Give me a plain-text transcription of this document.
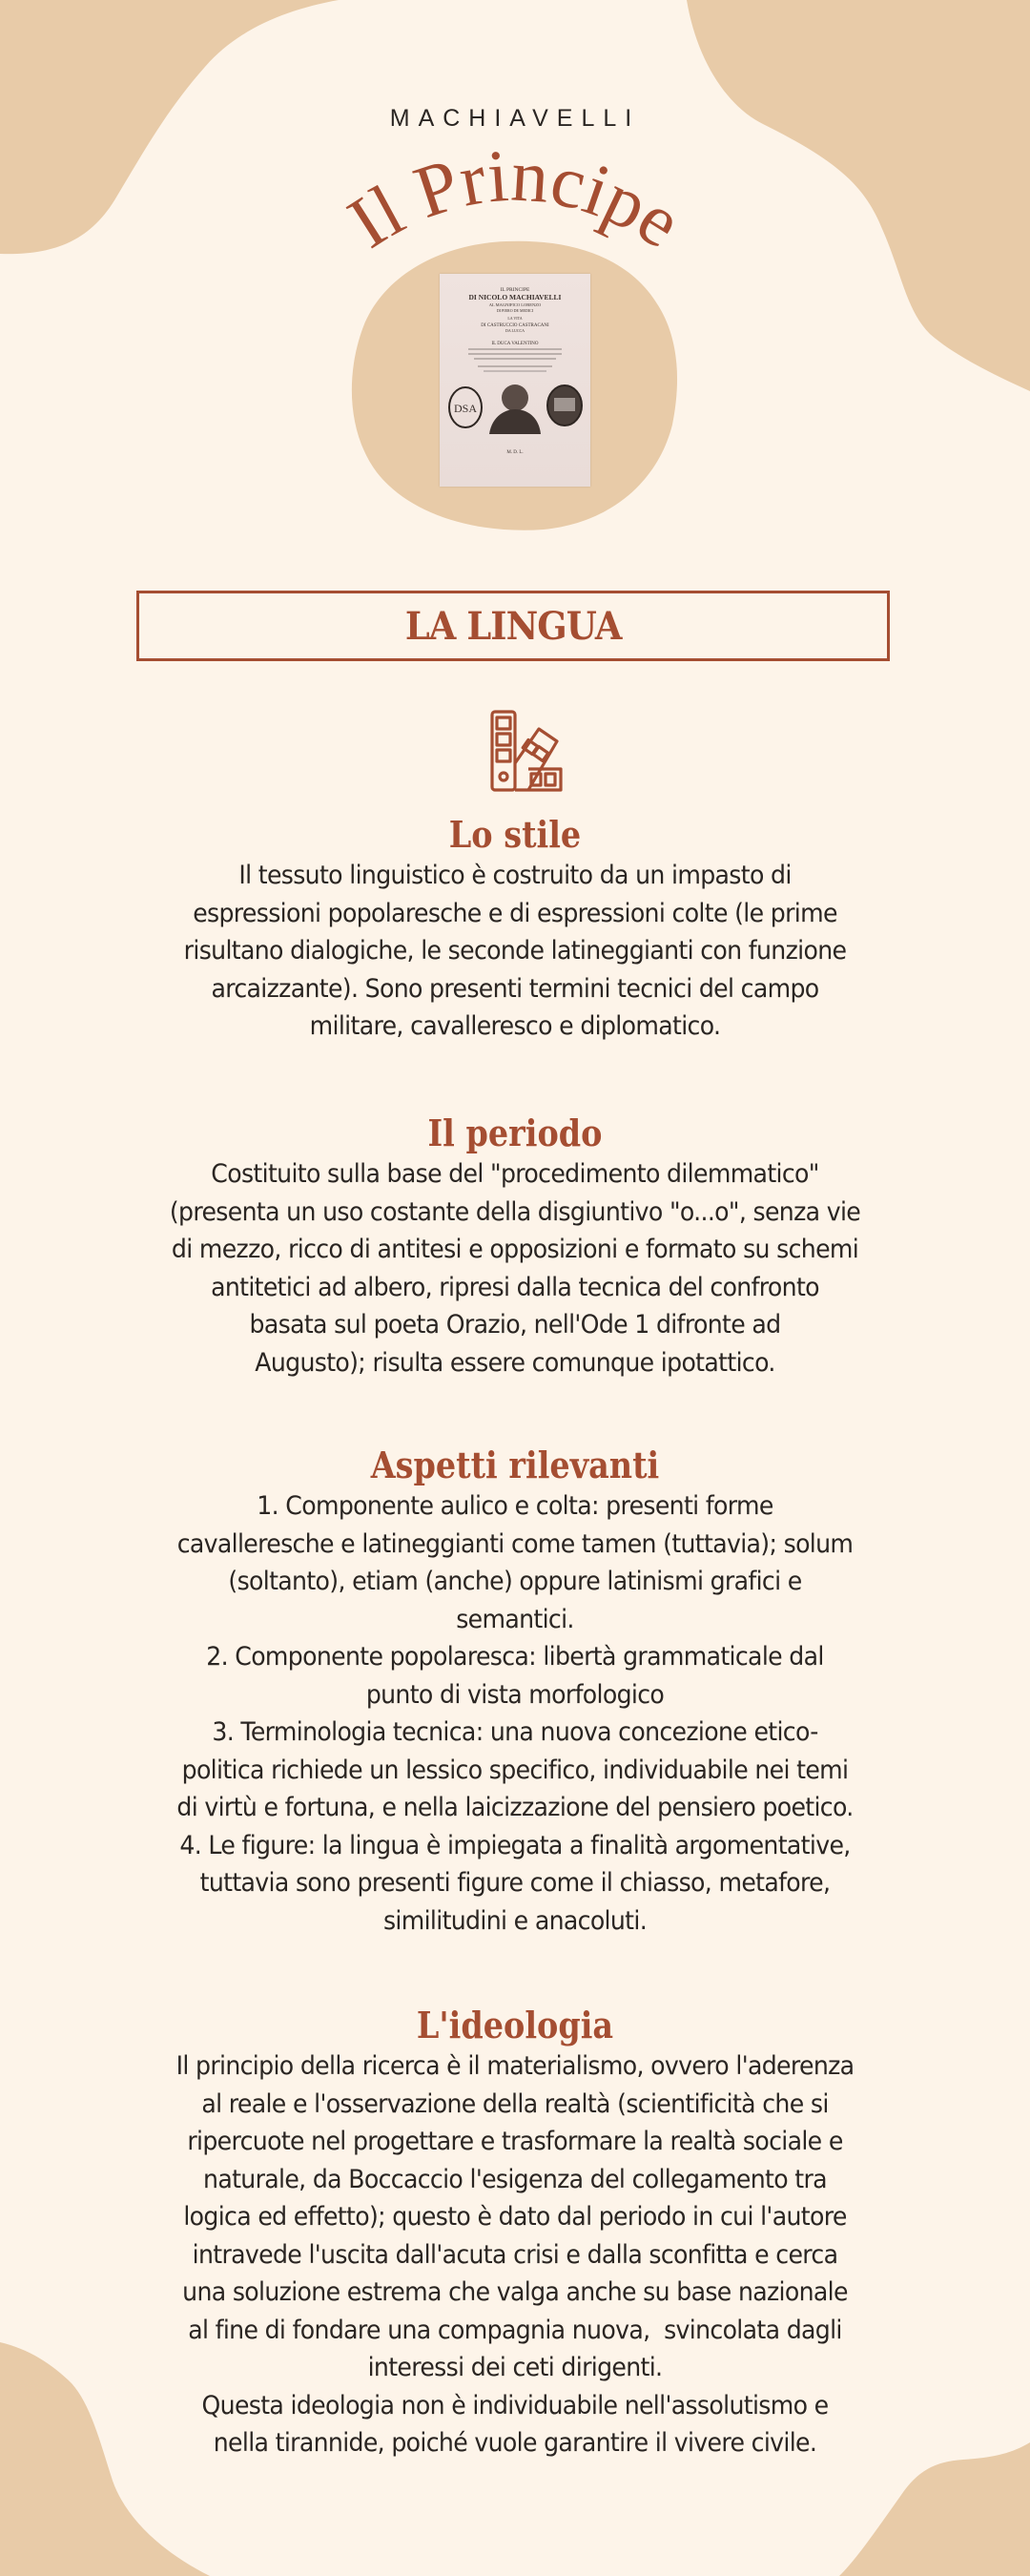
MACHIAVELLI
Il Principe
IL PRINCIPE
DI NICOLO MACHIAVELLI
AL MAGNIFICO LORENZO
DI PIERO DE MEDICI
LA VITA
DI CASTRUCCIO CASTRACANI
DA LUCCA
IL DUCA VALENTINO
DSA
M. D. L.
LA LINGUA
Lo stile
Il tessuto linguistico è costruito da un impasto di
espressioni popolaresche e di espressioni colte (le prime
risultano dialogiche, le seconde latineggianti con funzione
arcaizzante). Sono presenti termini tecnici del campo
militare, cavalleresco e diplomatico.
Il periodo
Costituito sulla base del "procedimento dilemmatico"
(presenta un uso costante della disgiuntivo "o...o", senza vie
di mezzo, ricco di antitesi e opposizioni e formato su schemi
antitetici ad albero, ripresi dalla tecnica del confronto
basata sul poeta Orazio, nell'Ode 1 difronte ad
Augusto); risulta essere comunque ipotattico.
Aspetti rilevanti
1. Componente aulico e colta: presenti forme
cavalleresche e latineggianti come tamen (tuttavia); solum
(soltanto), etiam (anche) oppure latinismi grafici e
semantici.
2. Componente popolaresca: libertà grammaticale dal
punto di vista morfologico
3. Terminologia tecnica: una nuova concezione etico-
politica richiede un lessico specifico, individuabile nei temi
di virtù e fortuna, e nella laicizzazione del pensiero poetico.
4. Le figure: la lingua è impiegata a finalità argomentative,
tuttavia sono presenti figure come il chiasso, metafore,
similitudini e anacoluti.
L'ideologia
Il principio della ricerca è il materialismo, ovvero l'aderenza
al reale e l'osservazione della realtà (scientificità che si
ripercuote nel progettare e trasformare la realtà sociale e
naturale, da Boccaccio l'esigenza del collegamento tra
logica ed effetto); questo è dato dal periodo in cui l'autore
intravede l'uscita dall'acuta crisi e dalla sconfitta e cerca
una soluzione estrema che valga anche su base nazionale
al fine di fondare una compagnia nuova,  svincolata dagli
interessi dei ceti dirigenti.
Questa ideologia non è individuabile nell'assolutismo e
nella tirannide, poiché vuole garantire il vivere civile.
